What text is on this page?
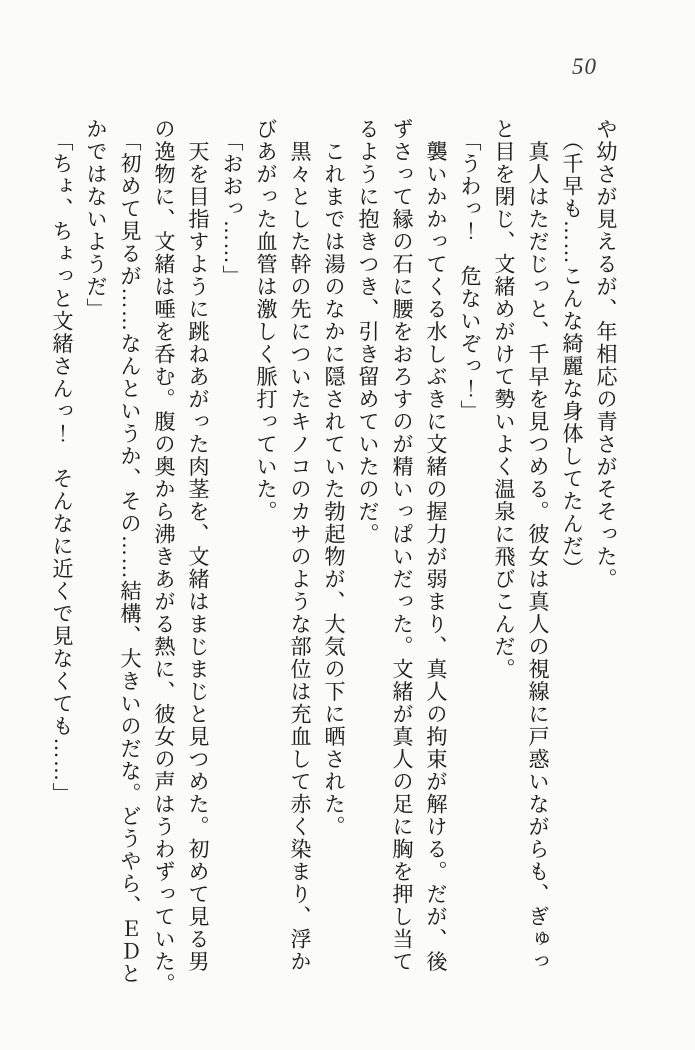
50
や幼さが見えるが、年相応の青さがそそった。
　（千早も……こんな綺麗な身体してたんだ）
　真人はただじっと、千早を見つめる。彼女は真人の視線に戸惑いながらも、ぎゅっ
と目を閉じ、文緒めがけて勢いよく温泉に飛びこんだ。
　「うわっ！　危ないぞっ！」
　襲いかかってくる水しぶきに文緒の握力が弱まり、真人の拘束が解ける。だが、後
ずさって縁の石に腰をおろすのが精いっぱいだった。文緒が真人の足に胸を押し当て
るように抱きつき、引き留めていたのだ。
　これまでは湯のなかに隠されていた勃起物が、大気の下に晒された。
　黒々とした幹の先についたキノコのカサのような部位は充血して赤く染まり、浮か
びあがった血管は激しく脈打っていた。
　「おおっ……」
　天を目指すように跳ねあがった肉茎を、文緒はまじまじと見つめた。初めて見る男
の逸物に、文緒は唾を呑む。腹の奥から沸きあがる熱に、彼女の声はうわずっていた。
　「初めて見るが……なんというか、その……結構、大きいのだな。どうやら、ＥＤと
かではないようだ」
　「ちょ、ちょっと文緒さんっ！　そんなに近くで見なくても……」
